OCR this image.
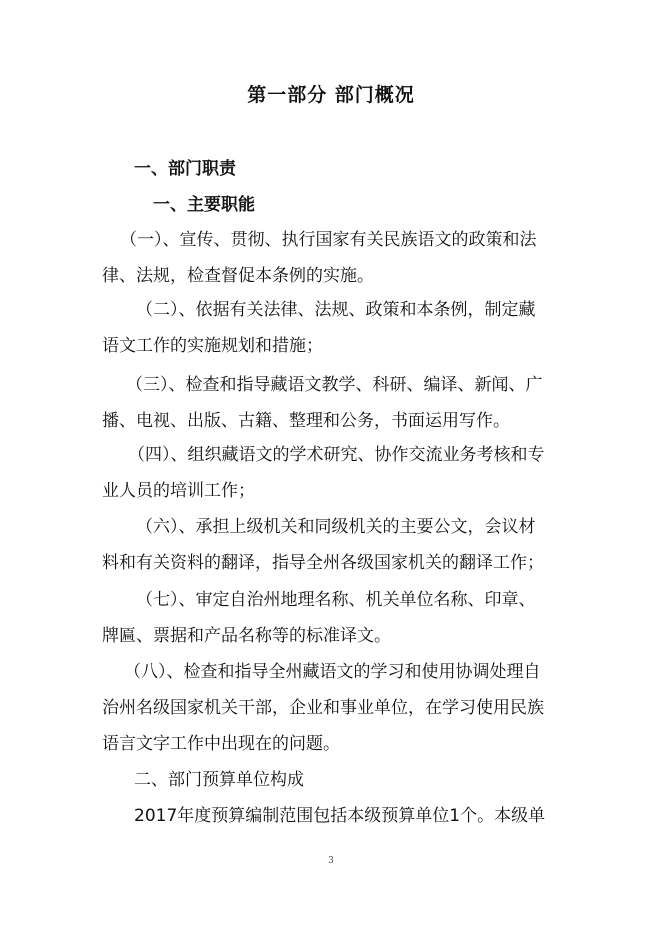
第一部分 部门概况
一、部门职责
一、主要职能
（一）、宣传、贯彻、执行国家有关民族语文的政策和法
律、法规，检查督促本条例的实施。
（二）、依据有关法律、法规、政策和本条例，制定藏
语文工作的实施规划和措施；
（三）、检查和指导藏语文教学、科研、编译、新闻、广
播、电视、出版、古籍、整理和公务，书面运用写作。
（四）、组织藏语文的学术研究、协作交流业务考核和专
业人员的培训工作；
（六）、承担上级机关和同级机关的主要公文，会议材
料和有关资料的翻译，指导全州各级国家机关的翻译工作；
（七）、审定自治州地理名称、机关单位名称、印章、
牌匾、票据和产品名称等的标准译文。
（八）、检查和指导全州藏语文的学习和使用协调处理自
治州名级国家机关干部，企业和事业单位，在学习使用民族
语言文字工作中出现在的问题。
二、部门预算单位构成
2017年度预算编制范围包括本级预算单位1个。本级单
3
